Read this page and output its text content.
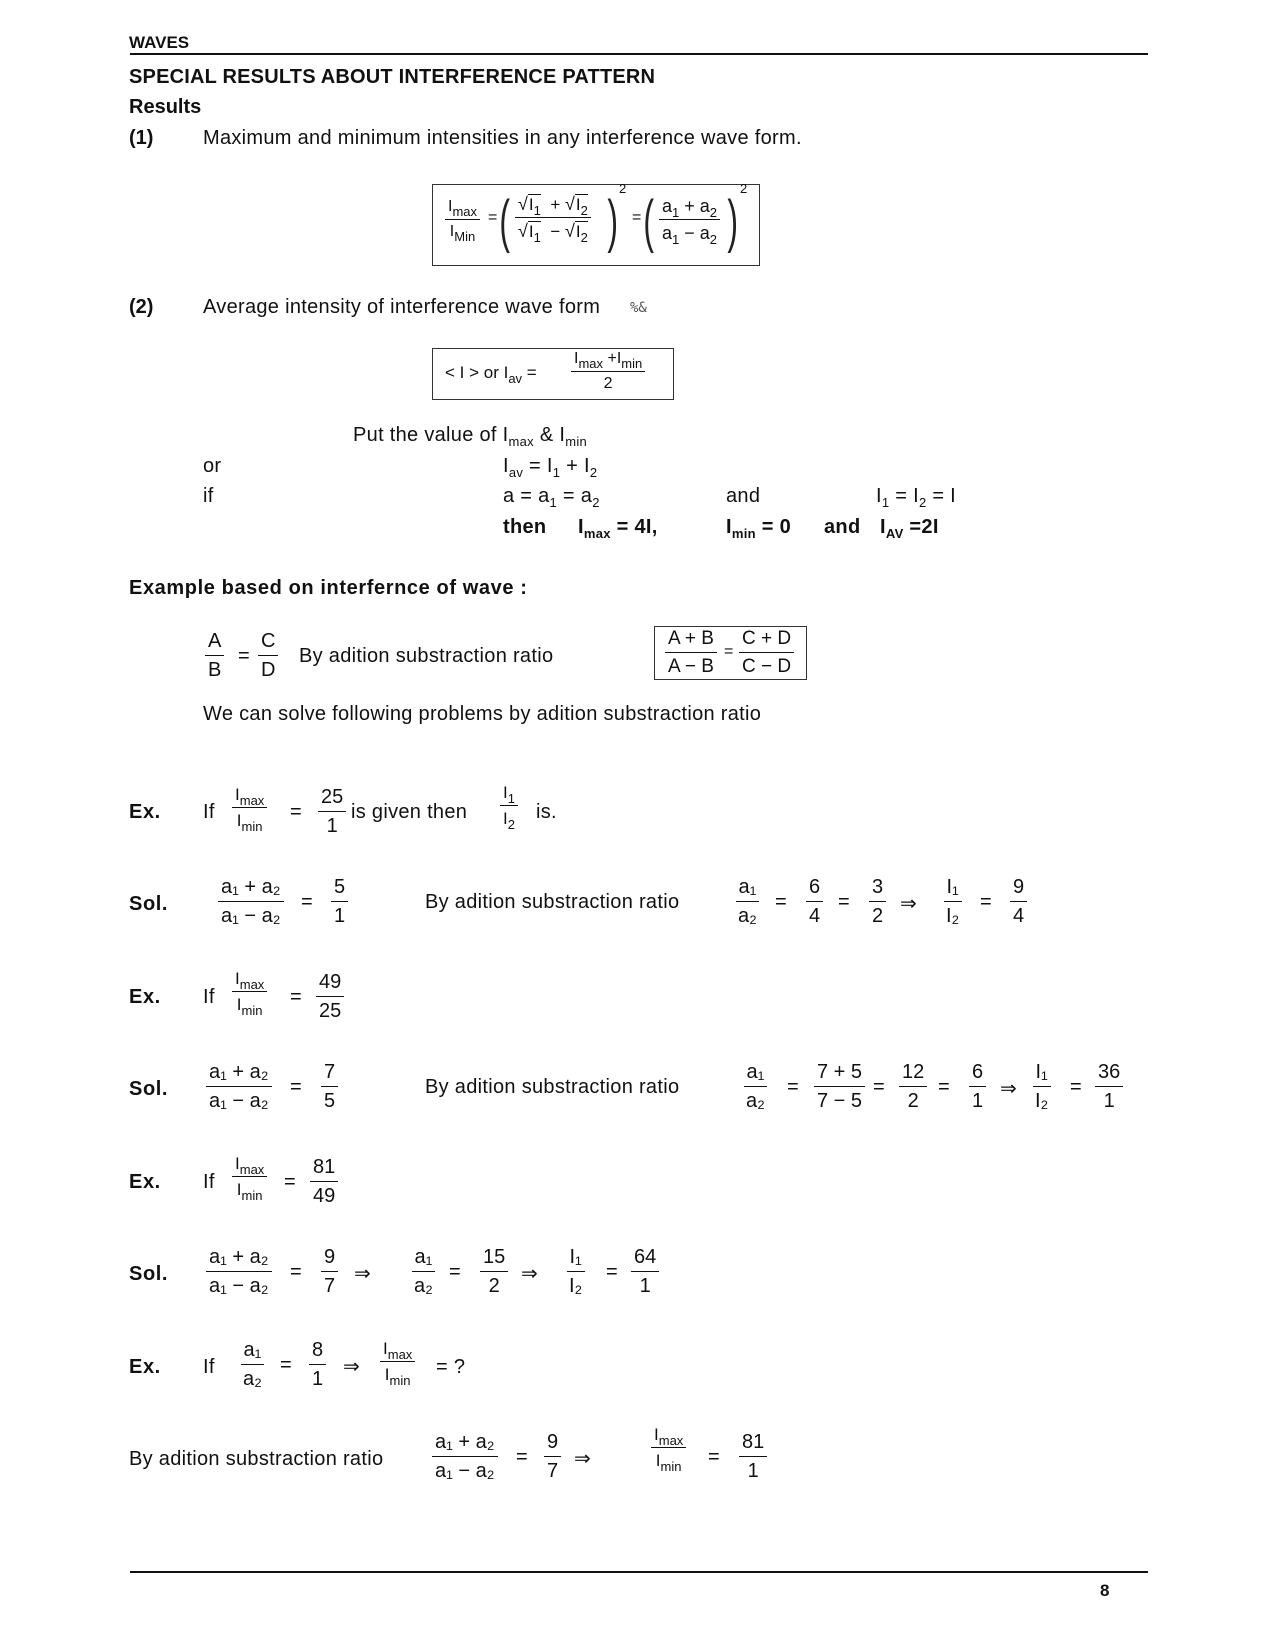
WAVES
SPECIAL RESULTS ABOUT INTERFERENCE PATTERN
Results
(1) Maximum and minimum intensities in any interference wave form.
$I_{max}$
$I_{Min}$
= ( $\frac{√I_1 + √I_2}{√I_1 - √I_2}$ )
2
= ( $\frac{a_1 + a_2}{a_1 - a_2}$ )
2
(2) Average intensity of interference wave form %&
< I > or $I_{av}$ =
$I_{max} +I_{min}$
2
Put the value of $I_{max}$ & $I_{min}$
or	$I_{av} = I_1 + I_2$
if	$a = a_1 = a_2$	and	$I_1 = I_2 = I$
then $I_{max} = 4I$,	$I_{min} = 0$ and $I_{AV} =2I$
Example based on interfernce of wave :
$\frac{A}{B} = \frac{C}{D}$ By adition substraction ratio	$\frac{A + B}{A - B} = \frac{C + D}{C - D}$
We can solve following problems by adition substraction ratio
Ex. If
$I_{max}$
$I_{min}$
= $\frac{25}{1}$ is given then $\frac{I_1}{I_2}$ is.
Sol. $\frac{\text{a₁ + a₂}}{\text{a₁ − a₂}} = \frac{5}{1}$	By adition substraction ratio	$\frac{\text{a₁}}{\text{a₂}} = \frac{6}{4} = \frac{3}{2}$ ⇒ $\frac{\text{I₁}}{\text{I₂}} = \frac{9}{4}$
Ex. If
$I_{max}$
$I_{min}$
= $\frac{49}{25}$
Sol. $\frac{\text{a₁ + a₂}}{\text{a₁ − a₂}} = \frac{7}{5}$	By adition substraction ratio	$\frac{\text{a₁}}{\text{a₂}} = \frac{7 + 5}{7 - 5} = \frac{12}{2} = \frac{6}{1}$ ⇒ $\frac{\text{I₁}}{\text{I₂}} = \frac{36}{1}$
Ex. If
$I_{max}$
$I_{min}$
= $\frac{81}{49}$
Sol. $\frac{\text{a₁ + a₂}}{\text{a₁ − a₂}} = \frac{9}{7}$ ⇒ $\frac{\text{a₁}}{\text{a₂}} = \frac{15}{2}$ ⇒ $\frac{\text{I₁}}{\text{I₂}} = \frac{64}{1}$
Ex. If $\frac{\text{a₁}}{\text{a₂}} = \frac{8}{1}$ ⇒
$I_{max}$
$I_{min}$
= ?
By adition substraction ratio $\frac{\text{a₁ + a₂}}{\text{a₁ − a₂}} = \frac{9}{7}$ ⇒
$I_{max}$
$I_{min} = \frac{81}{1}$
8
